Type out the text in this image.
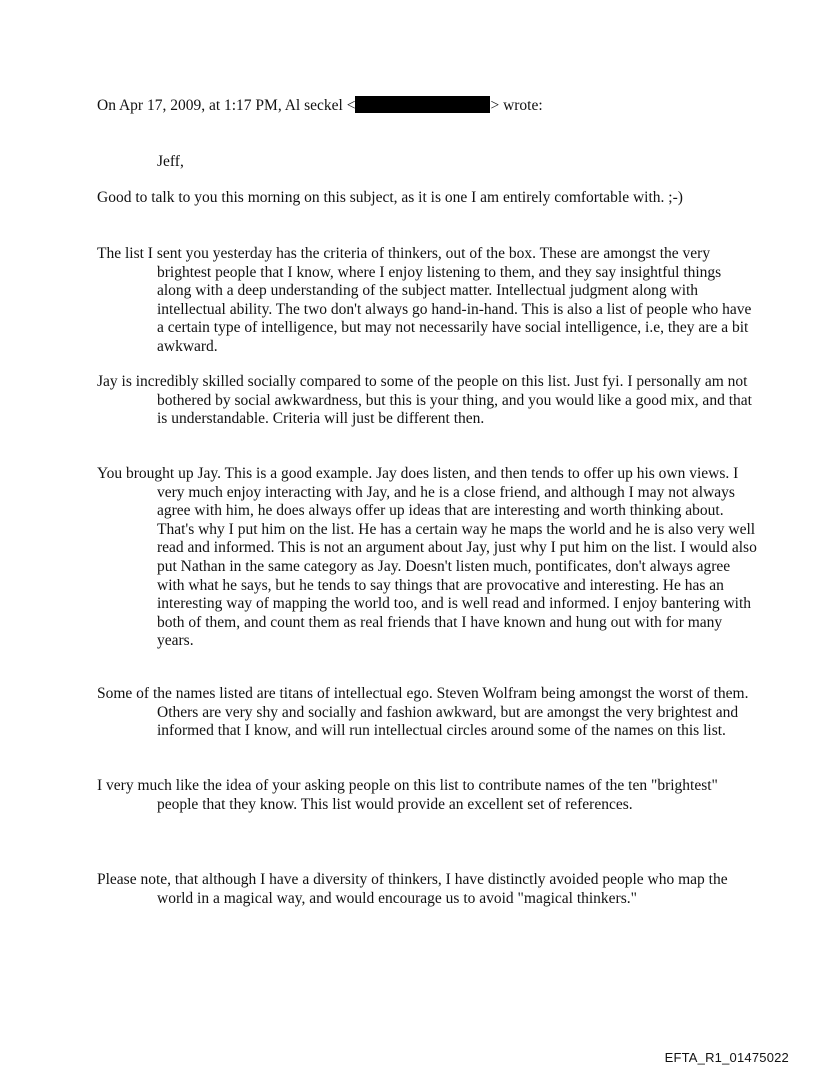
On Apr 17, 2009, at 1:17 PM, Al seckel <	> wrote:
Jeff,

Good to talk to you this morning on this subject, as it is one I am entirely comfortable with. ;-)

The list I sent you yesterday has the criteria of thinkers, out of the box. These are amongst the very brightest people that I know, where I enjoy listening to them, and they say insightful things along with a deep understanding of the subject matter. Intellectual judgment along with intellectual ability. The two don't always go hand-in-hand. This is also a list of people who have a certain type of intelligence, but may not necessarily have social intelligence, i.e, they are a bit awkward.

Jay is incredibly skilled socially compared to some of the people on this list. Just fyi. I personally am not bothered by social awkwardness, but this is your thing, and you would like a good mix, and that is understandable. Criteria will just be different then.

You brought up Jay. This is a good example. Jay does listen, and then tends to offer up his own views. I very much enjoy interacting with Jay, and he is a close friend, and although I may not always agree with him, he does always offer up ideas that are interesting and worth thinking about. That's why I put him on the list. He has a certain way he maps the world and he is also very well read and informed. This is not an argument about Jay, just why I put him on the list. I would also put Nathan in the same category as Jay. Doesn't listen much, pontificates, don't always agree with what he says, but he tends to say things that are provocative and interesting. He has an interesting way of mapping the world too, and is well read and informed. I enjoy bantering with both of them, and count them as real friends that I have known and hung out with for many years.

Some of the names listed are titans of intellectual ego. Steven Wolfram being amongst the worst of them. Others are very shy and socially and fashion awkward, but are amongst the very brightest and informed that I know, and will run intellectual circles around some of the names on this list.

I very much like the idea of your asking people on this list to contribute names of the ten "brightest" people that they know. This list would provide an excellent set of references.

Please note, that although I have a diversity of thinkers, I have distinctly avoided people who map the world in a magical way, and would encourage us to avoid "magical thinkers."

EFTA_R1_01475022
